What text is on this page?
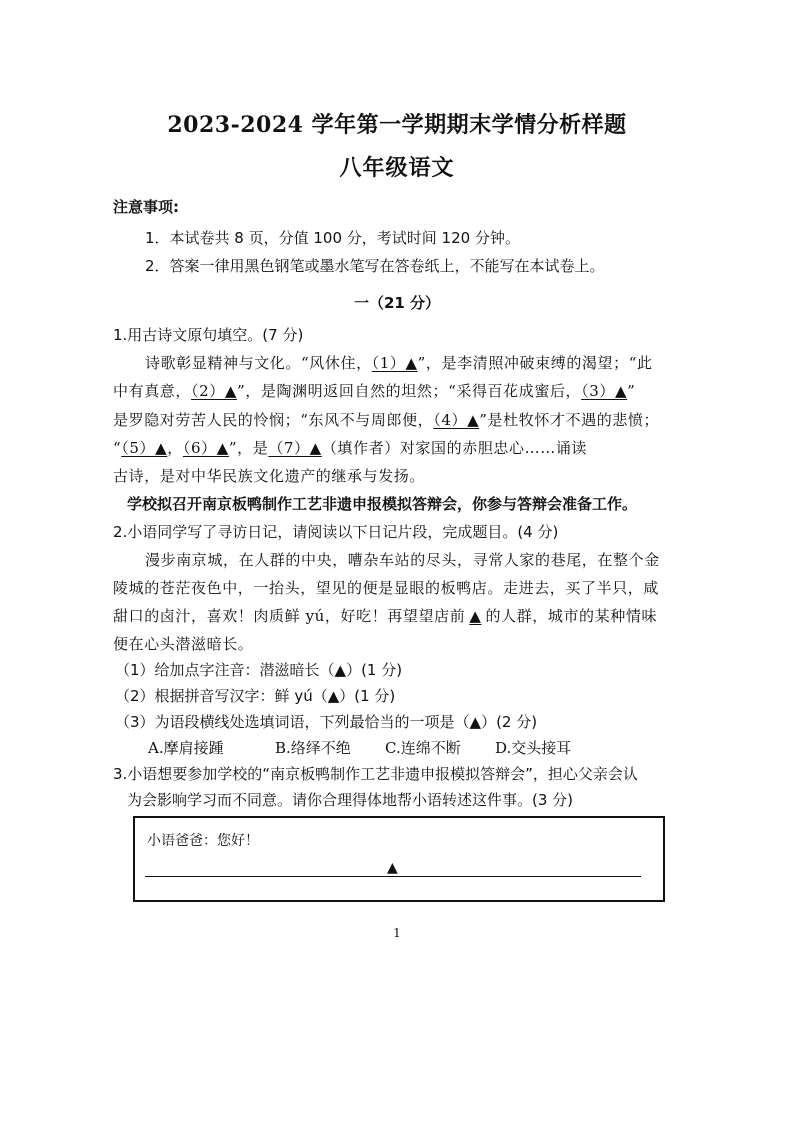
2023-2024 学年第一学期期末学情分析样题
八年级语文
注意事项:
1．本试卷共 8 页，分值 100 分，考试时间 120 分钟。
2．答案一律用黑色钢笔或墨水笔写在答卷纸上，不能写在本试卷上。
一（21 分）
1.用古诗文原句填空。(7 分)
诗歌彰显精神与文化。“风休住，（1）▲”，是李清照冲破束缚的渴望；“此
中有真意，（2）▲”，是陶渊明返回自然的坦然；“采得百花成蜜后，（3）▲”
是罗隐对劳苦人民的怜悯；“东风不与周郎便，（4）▲”是杜牧怀才不遇的悲愤；
“（5）▲，（6）▲”，是（7）▲（填作者）对家国的赤胆忠心……诵读
古诗，是对中华民族文化遗产的继承与发扬。
学校拟召开南京板鸭制作工艺非遗申报模拟答辩会，你参与答辩会准备工作。
2.小语同学写了寻访日记，请阅读以下日记片段，完成题目。(4 分)
漫步南京城，在人群的中央，嘈杂车站的尽头，寻常人家的巷尾，在整个金
陵城的苍茫夜色中，一抬头，望见的便是显眼的板鸭店。走进去，买了半只，咸
甜口的卤汁，喜欢！肉质鲜 yú，好吃！再望望店前 ▲ 的人群，城市的某种情味
便在心头潜滋暗长。
（1）给加点字注音：潜滋暗长（▲）(1 分)
（2）根据拼音写汉字：鲜 yú（▲）(1 分)
（3）为语段横线处选填词语，下列最恰当的一项是（▲）(2 分)
A.摩肩接踵	B.络绎不绝 C.连绵不断 D.交头接耳
3.小语想要参加学校的“南京板鸭制作工艺非遗申报模拟答辩会”，担心父亲会认
为会影响学习而不同意。请你合理得体地帮小语转述这件事。(3 分)
小语爸爸：您好！
▲
1
